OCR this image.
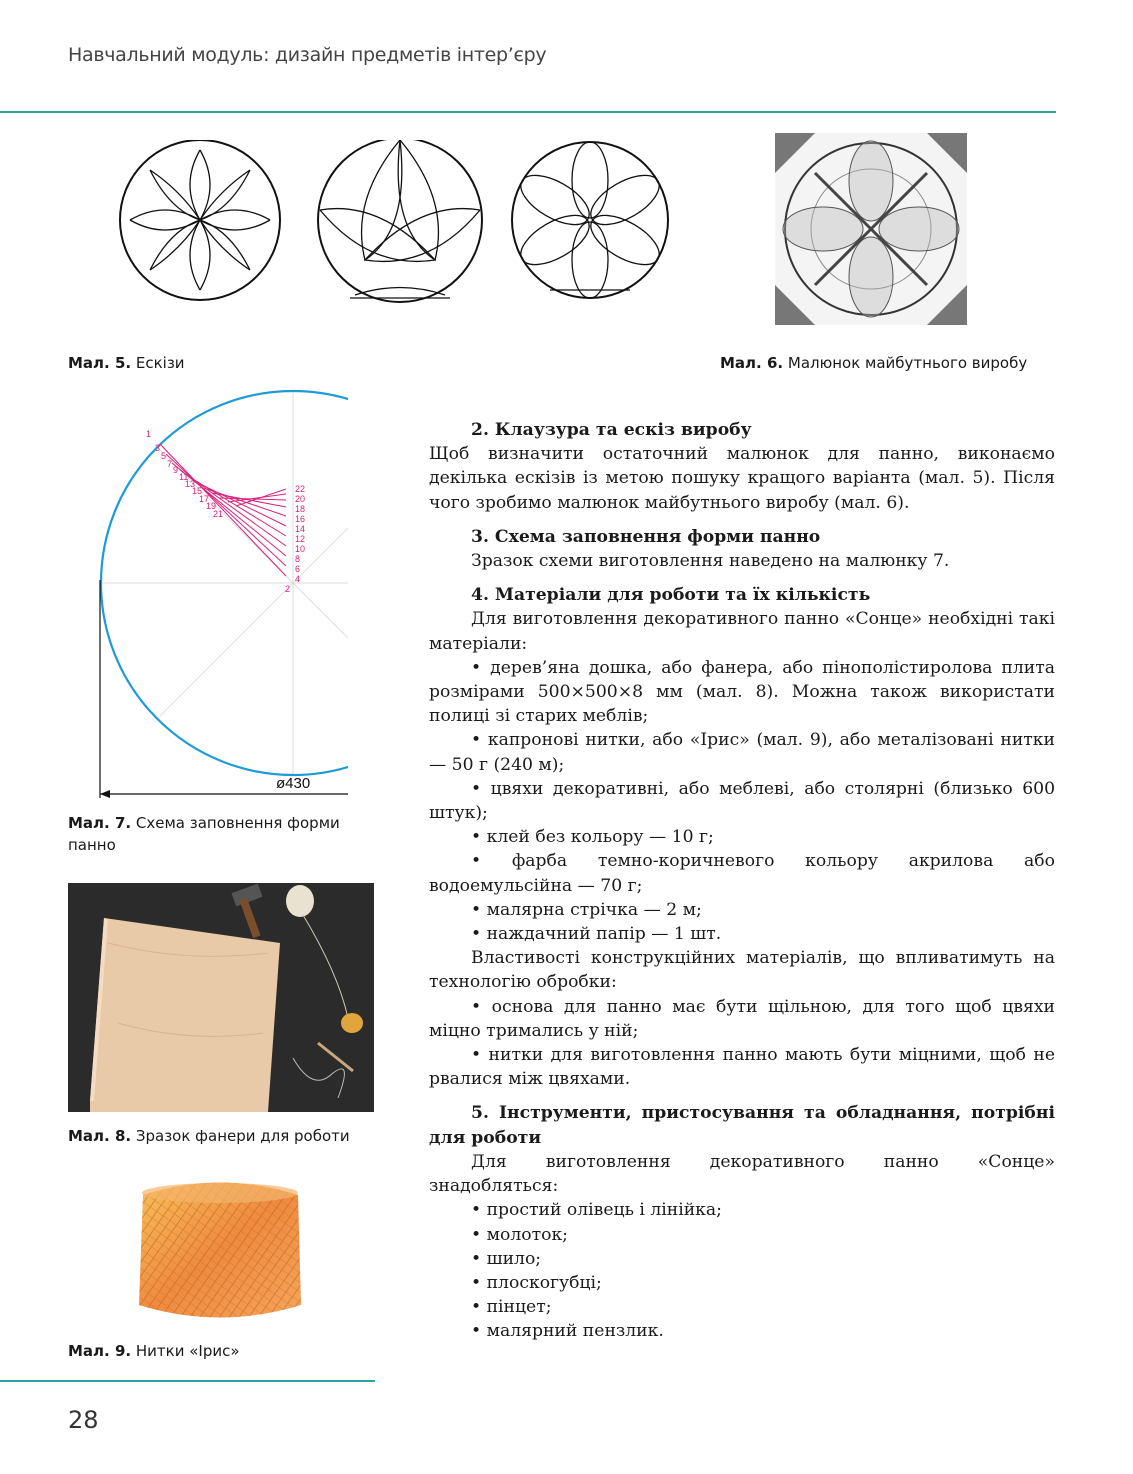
Навчальний модуль: дизайн предметів інтер’єру
Мал. 5. Ескізи	Мал. 6. Малюнок майбутнього виробу
1
3
5
7
9
11
13
15
17
19
21
22
20
18
16
14
12
10
8
6
4
2
ø430
Мал. 7. Схема заповнення форми панно
Мал. 8. Зразок фанери для роботи
Мал. 9. Нитки «Ірис»
2. Клаузура та ескіз виробу

Щоб визначити остаточний малюнок для панно, виконаємо декілька ескізів із метою пошуку кращого варіанта (мал. 5). Після чого зробимо малюнок майбутнього виробу (мал. 6).

3. Схема заповнення форми панно

Зразок схеми виготовлення наведено на малюнку 7.

4. Матеріали для роботи та їх кількість

Для виготовлення декоративного панно «Сонце» необхідні такі матеріали:

• дерев’яна дошка, або фанера, або пінополістиролова плита розмірами 500×500×8 мм (мал. 8). Можна також використати полиці зі старих меблів;

• капронові нитки, або «Ірис» (мал. 9), або металізовані нитки — 50 г (240 м);

• цвяхи декоративні, або меблеві, або столярні (близько 600 штук);

• клей без кольору — 10 г;

• фарба темно-коричневого кольору акрилова або водоемульсійна — 70 г;

• малярна стрічка — 2 м;

• наждачний папір — 1 шт.

Властивості конструкційних матеріалів, що впливатимуть на технологію обробки:

• основа для панно має бути щільною, для того щоб цвяхи міцно тримались у ній;

• нитки для виготовлення панно мають бути міцними, щоб не рвалися між цвяхами.

5. Інструменти, пристосування та обладнання, потрібні для роботи

Для виготовлення декоративного панно «Сонце» знадобляться:

• простий олівець і лінійка;

• молоток;

• шило;

• плоскогубці;

• пінцет;

• малярний пензлик.

28
